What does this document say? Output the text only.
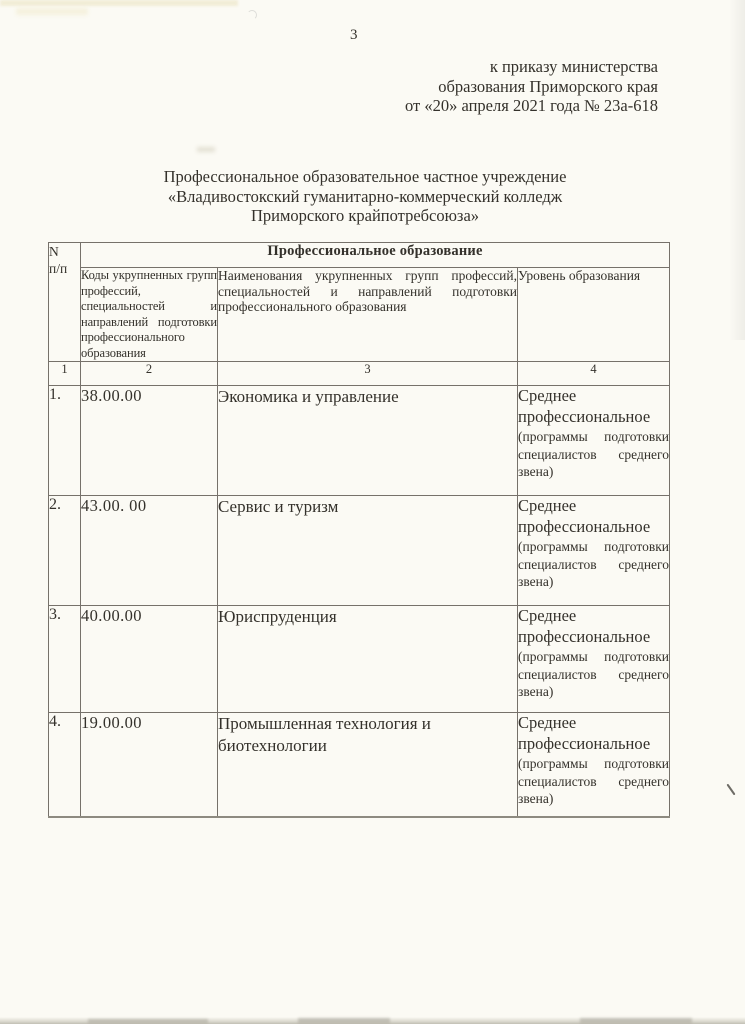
3
к приказу министерства
образования Приморского края
от «20» апреля 2021 года № 23а-618
Профессиональное образовательное частное учреждение
«Владивостокский гуманитарно-коммерческий колледж
Приморского крайпотребсоюза»
N
п/п	Профессиональное образование		
	Коды укрупненных групп профессий, специальностей и направлений подготовки профессионального образования	Наименования укрупненных групп профессий, специальностей и направлений подготовки профессионального образования	Уровень образования
1	2	3	4
1.	38.00.00	Экономика и управление	Среднее профессиональное
(программы подготовки специалистов среднего звена)

2.	43.00. 00	Сервис и туризм	Среднее профессиональное
(программы подготовки специалистов среднего звена)

3.	40.00.00	Юриспруденция	Среднее профессиональное
(программы подготовки специалистов среднего звена)

4.	19.00.00	Промышленная технология и биотехнологии	Среднее профессиональное
(программы подготовки специалистов среднего звена)
